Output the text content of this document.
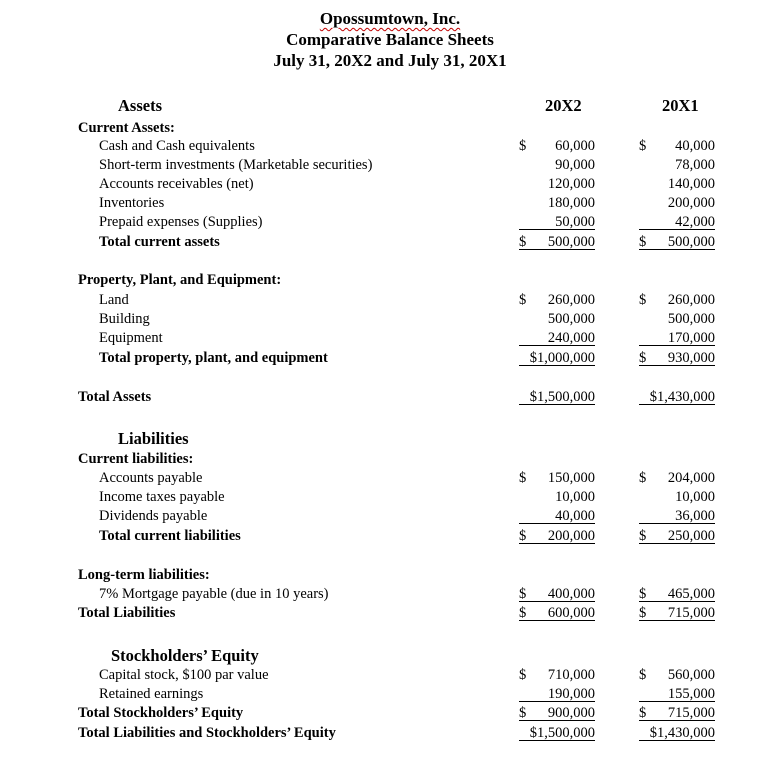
Opossumtown, Inc.
Comparative Balance Sheets
July 31, 20X2 and July 31, 20X1
Assets	20X2	20X1
Current Assets:
Cash and Cash equivalents	$ 60,000	$ 40,000
Short-term investments (Marketable securities)	90,000	78,000
Accounts receivables (net)	120,000	140,000
Inventories	180,000	200,000
Prepaid expenses (Supplies)	50,000	42,000
Total current assets	$ 500,000	$ 500,000
Property, Plant, and Equipment:
Land	$ 260,000	$ 260,000
Building	500,000	500,000
Equipment	240,000	170,000
Total property, plant, and equipment	$1,000,000	$ 930,000
Total Assets	$1,500,000	$1,430,000
Liabilities
Current liabilities:
Accounts payable	$ 150,000	$ 204,000
Income taxes payable	10,000	10,000
Dividends payable	40,000	36,000
Total current liabilities	$ 200,000	$ 250,000
Long-term liabilities:
7% Mortgage payable (due in 10 years)	$ 400,000	$ 465,000
Total Liabilities	$ 600,000	$ 715,000
Stockholders’ Equity
Capital stock, $100 par value	$ 710,000	$ 560,000
Retained earnings	190,000	155,000
Total Stockholders’ Equity	$ 900,000	$ 715,000
Total Liabilities and Stockholders’ Equity	$1,500,000	$1,430,000
